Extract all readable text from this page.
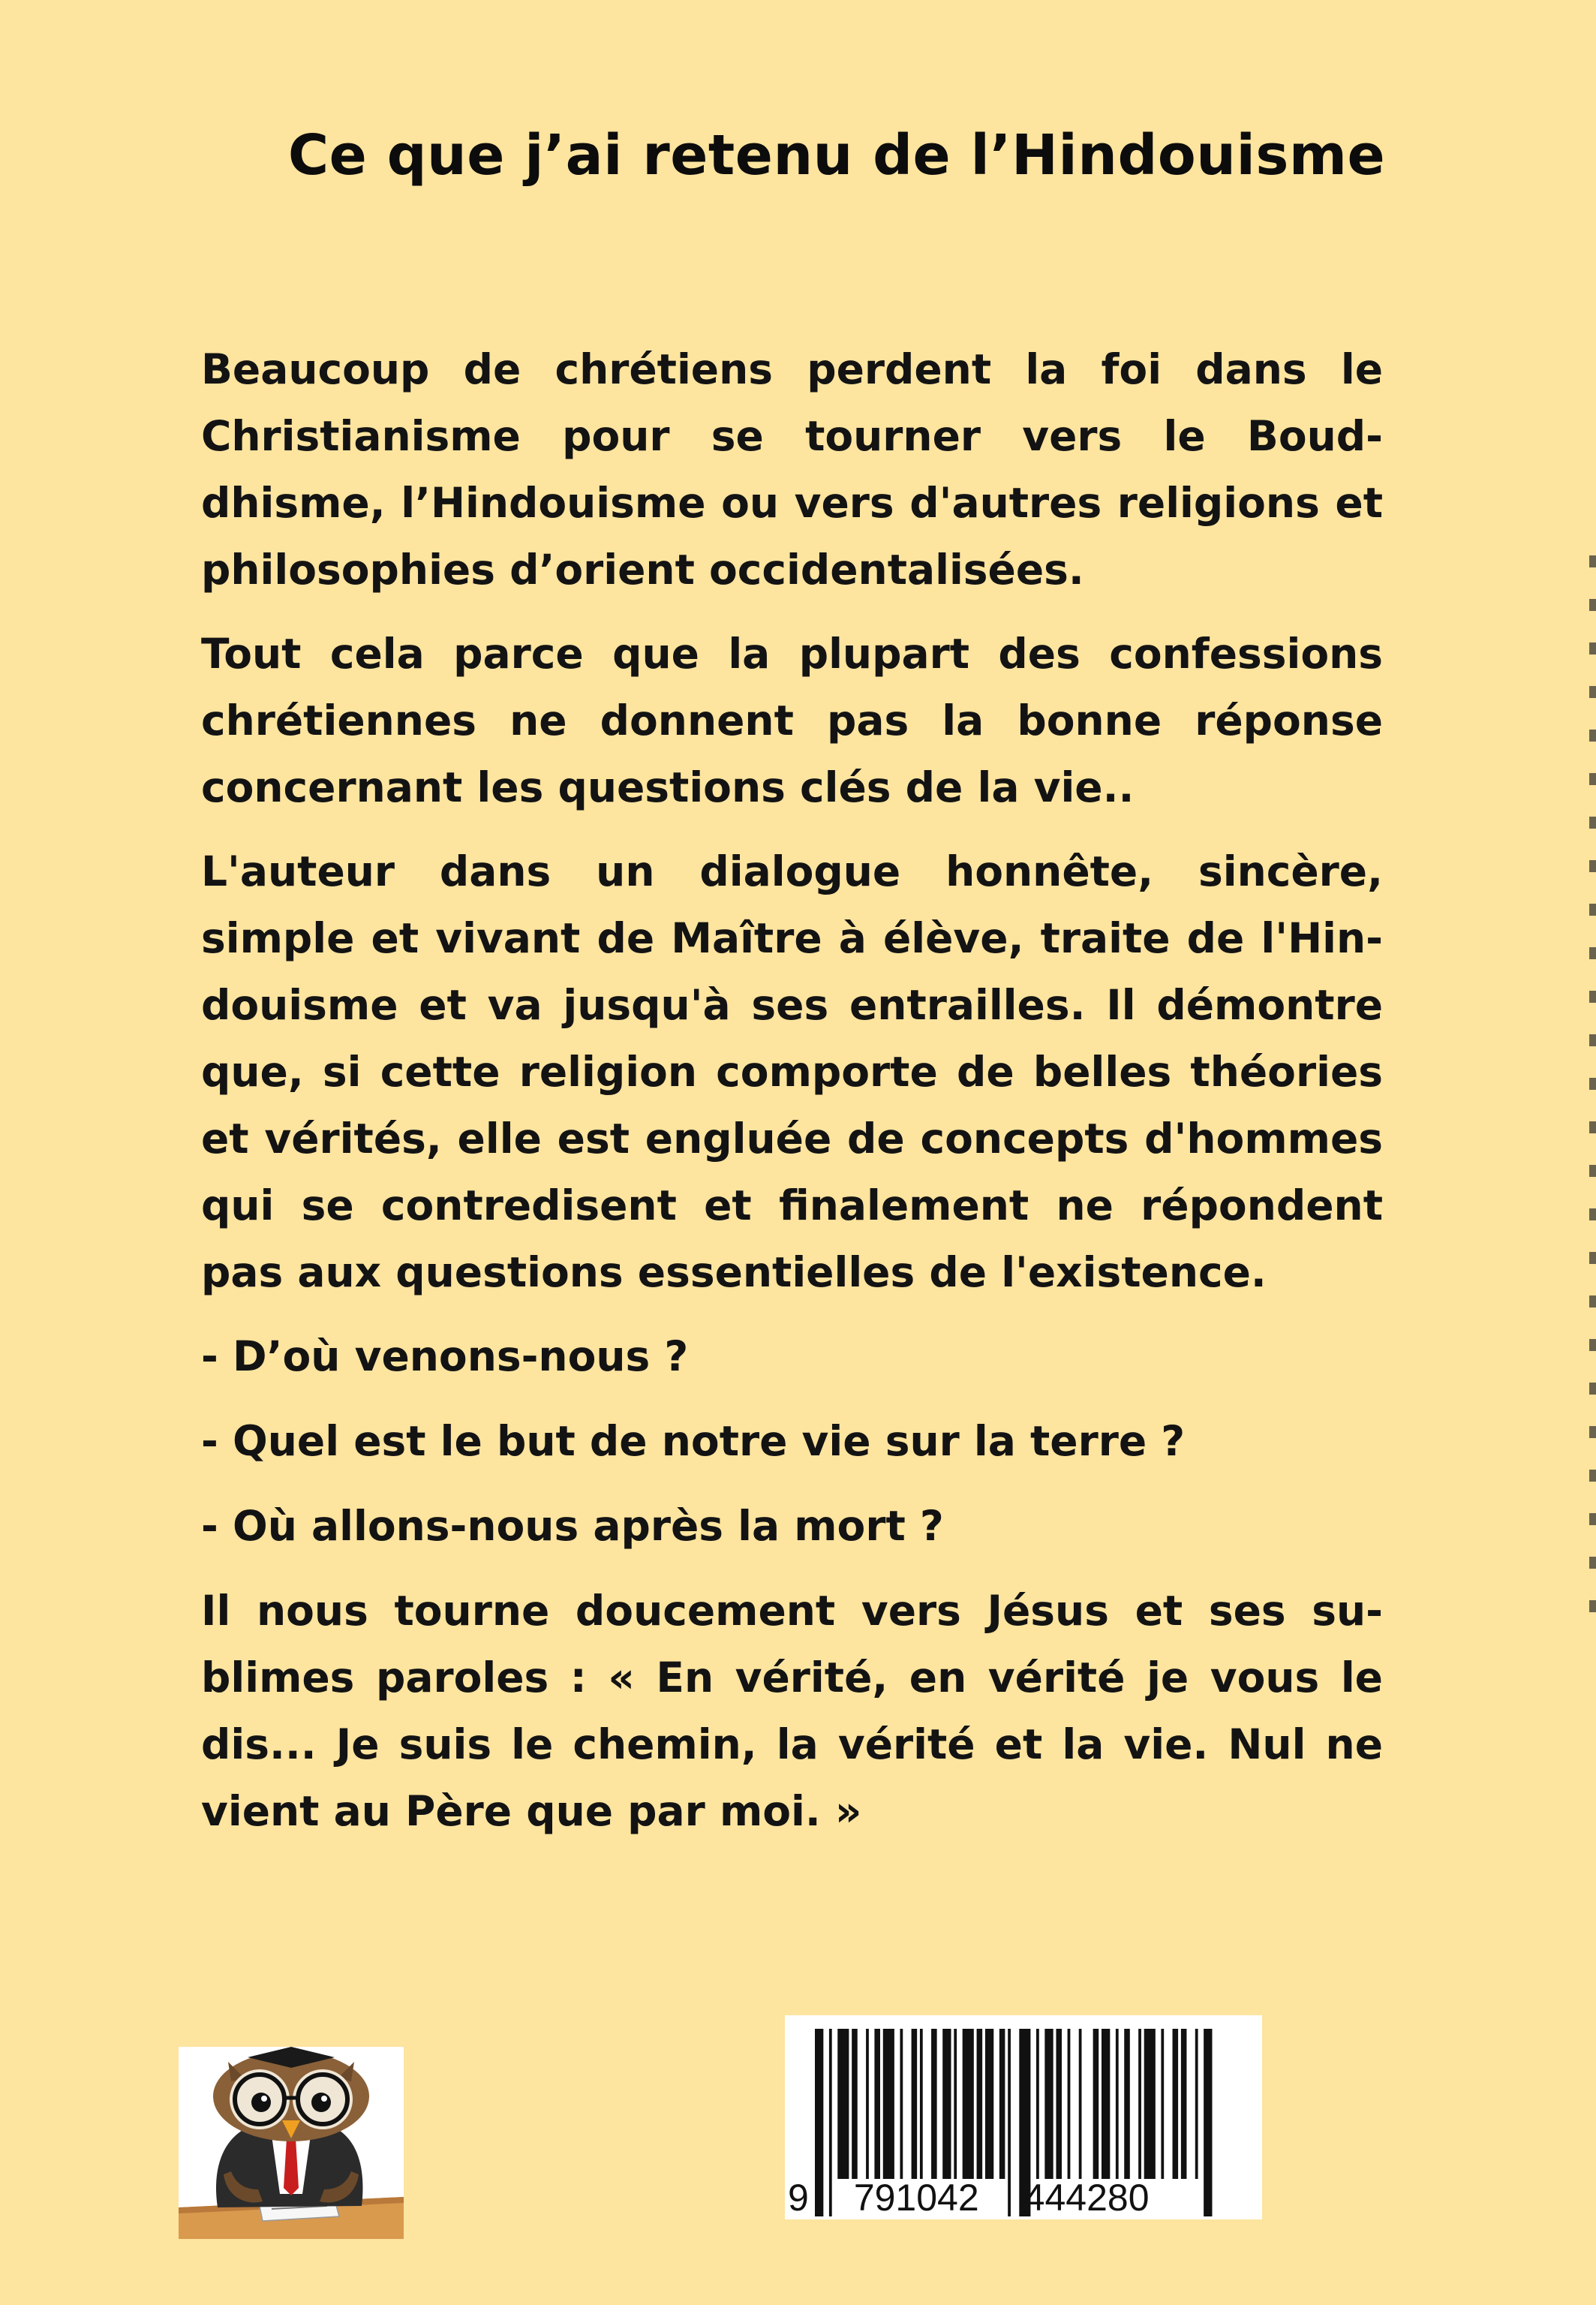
Ce que j’ai retenu de l’Hindouisme

Beaucoup de chrétiens perdent la foi dans le Christianisme pour se tourner vers le Bouddhisme, l’Hindouisme ou vers d'autres religions et philosophies d’orient occidentalisées.

Tout cela parce que la plupart des confessions chrétiennes ne donnent pas la bonne réponse concernant les questions clés de la vie..

L'auteur dans un dialogue honnête, sincère, simple et vivant de Maître à élève, traite de l'Hindouisme et va jusqu'à ses entrailles. Il démontre que, si cette religion comporte de belles théories et vérités, elle est engluée de concepts d'hommes qui se contredisent et finalement ne répondent pas aux questions essentielles de l'existence.

- D’où venons-nous ?

- Quel est le but de notre vie sur la terre ?

- Où allons-nous après la mort ?

Il nous tourne doucement vers Jésus et ses sublimes paroles : « En vérité, en vérité je vous le dis... Je suis le chemin, la vérité et la vie. Nul ne vient au Père que par moi. »

9 791042 444280
